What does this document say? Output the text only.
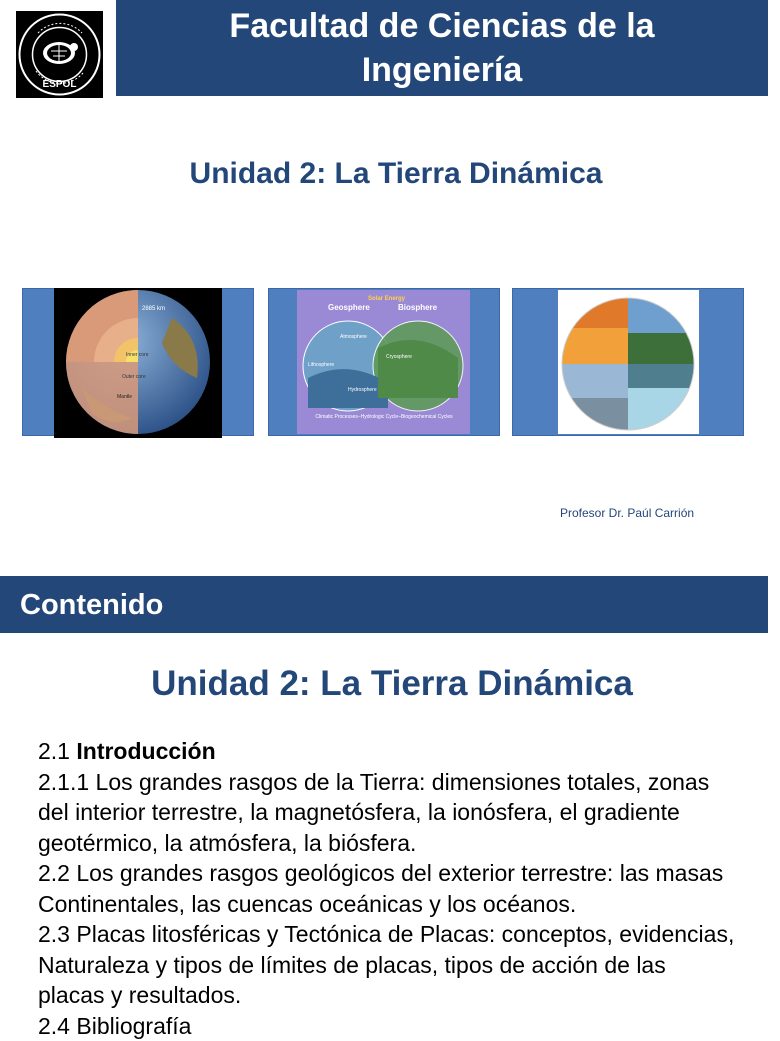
ESPOL
Facultad de Ciencias de la
Ingeniería
Unidad 2: La Tierra Dinámica
2885 km
Inner core
Outer core
Mantle
Geosphere	Biosphere
Solar Energy
Atmosphere
Cryosphere
Lithosphere
Hydrosphere
Climatic Processes–Hydrologic Cycle–Biogeochemical Cycles
Profesor Dr. Paúl Carrión
Contenido
Unidad 2: La Tierra Dinámica

2.1 Introducción

2.1.1 Los grandes rasgos de la Tierra: dimensiones totales, zonas del interior terrestre, la magnetósfera, la ionósfera, el gradiente geotérmico, la atmósfera, la biósfera.

2.2 Los grandes rasgos geológicos del exterior terrestre: las masas Continentales, las cuencas oceánicas y los océanos.

2.3 Placas litosféricas y Tectónica de Placas: conceptos, evidencias, Naturaleza y tipos de límites de placas, tipos de acción de las placas y resultados.

2.4 Bibliografía
